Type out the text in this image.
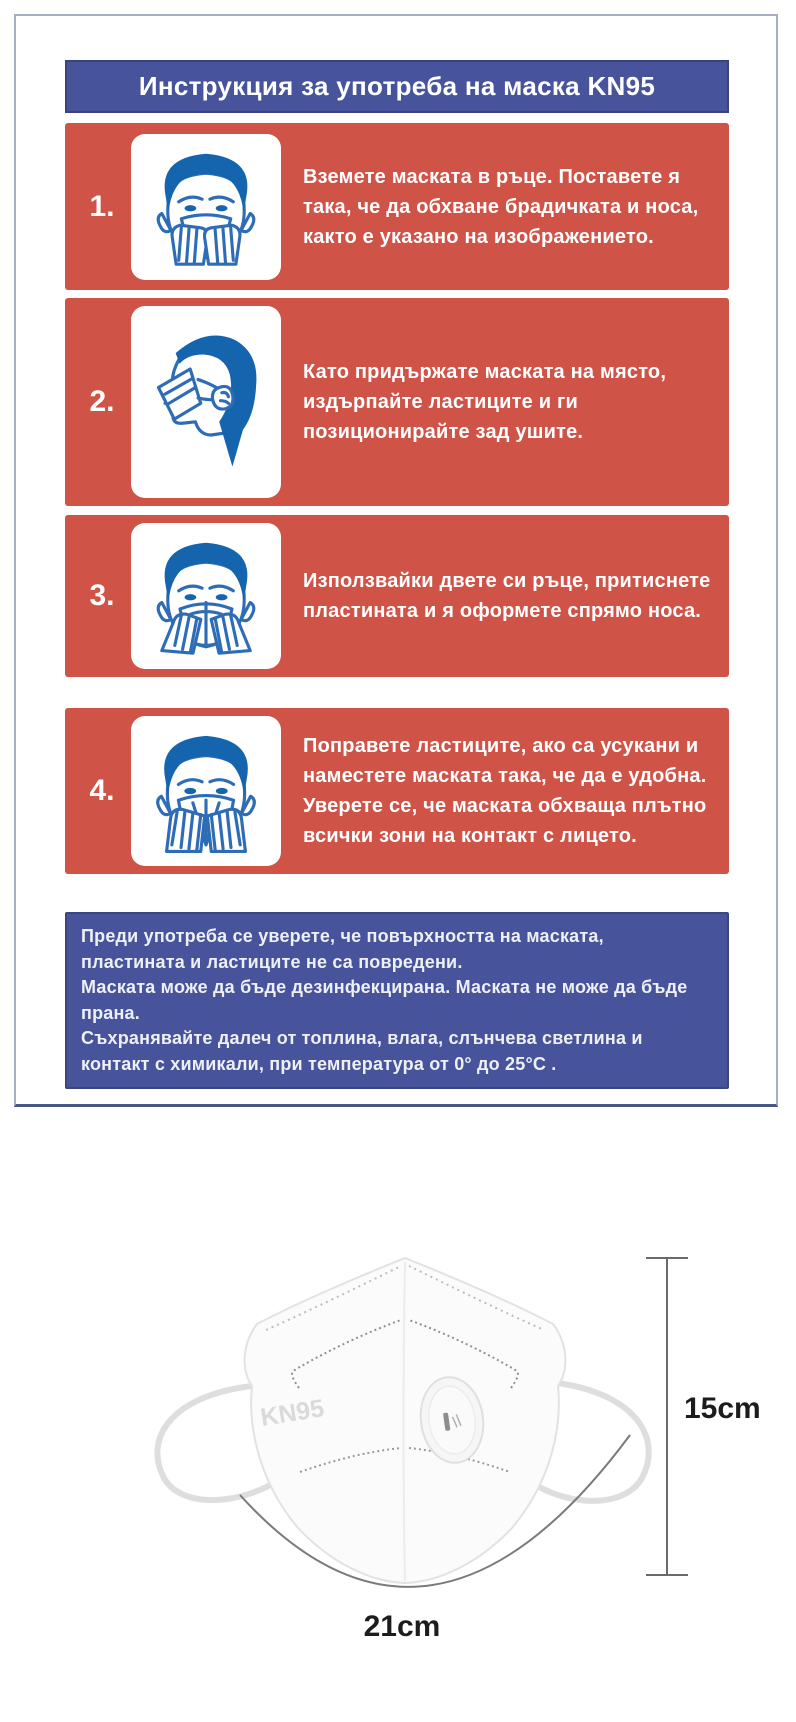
Инструкция за употреба на маска KN95
1.
Вземете маската в ръце. Поставете я така, че да обхване брадичката и носа, както е указано на изображението.
2.
Като придържате маската на място, издърпайте ластиците и ги позиционирайте зад ушите.
3.	Използвайки двете си ръце, притиснете пластината и я оформете спрямо носа.
4.
Поправете ластиците, ако са усукани и наместете маската така, че да е удобна. Уверете се, че маската обхваща плътно всички зони на контакт с лицето.
Преди употреба се уверете, че повърхността на маската, пластината и ластиците не са повредени.
Маската може да бъде дезинфекцирана. Маската не може да бъде прана.
Съхранявайте далеч от топлина, влага, слънчева светлина и контакт с химикали, при температура от 0° до 25°C .
KN95	15cm
21cm
